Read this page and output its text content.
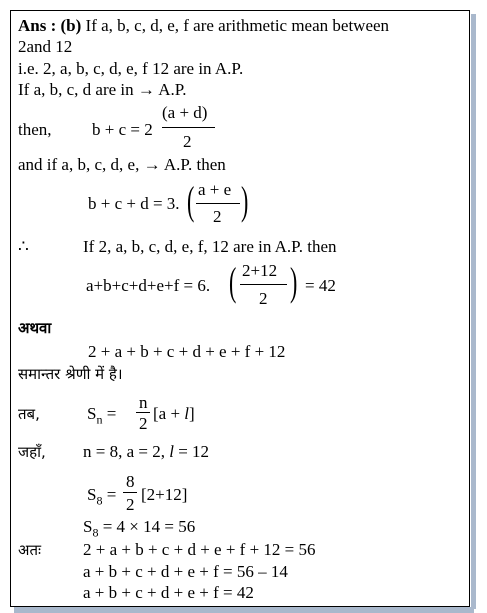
Ans : (b) If a, b, c, d, e, f are arithmetic mean between
2and 12
i.e. 2, a, b, c, d, e, f 12 are in A.P.
If a, b, c, d are in → A.P.
then, b + c = 2
(a + d)
2
and if a, b, c, d, e, → A.P. then
b + c + d = 3. ( a + e
2 )
∴	If 2, a, b, c, d, e, f, 12 are in A.P. then
a+b+c+d+e+f = 6. ( 2+12
2 ) = 42
अथवा
2 + a + b + c + d + e + f + 12
समान्तर श्रेणी में है।
तब,	$S_n$ =
n
2
[a + l]
जहाँ, n = 8, a = 2, l = 12
$S_8$ =
8
2
[2+12]
$S_8 = 4 \times 14 = 56$
अतः 2 + a + b + c + d + e + f + 12 = 56
a + b + c + d + e + f = 56 – 14
a + b + c + d + e + f = 42
